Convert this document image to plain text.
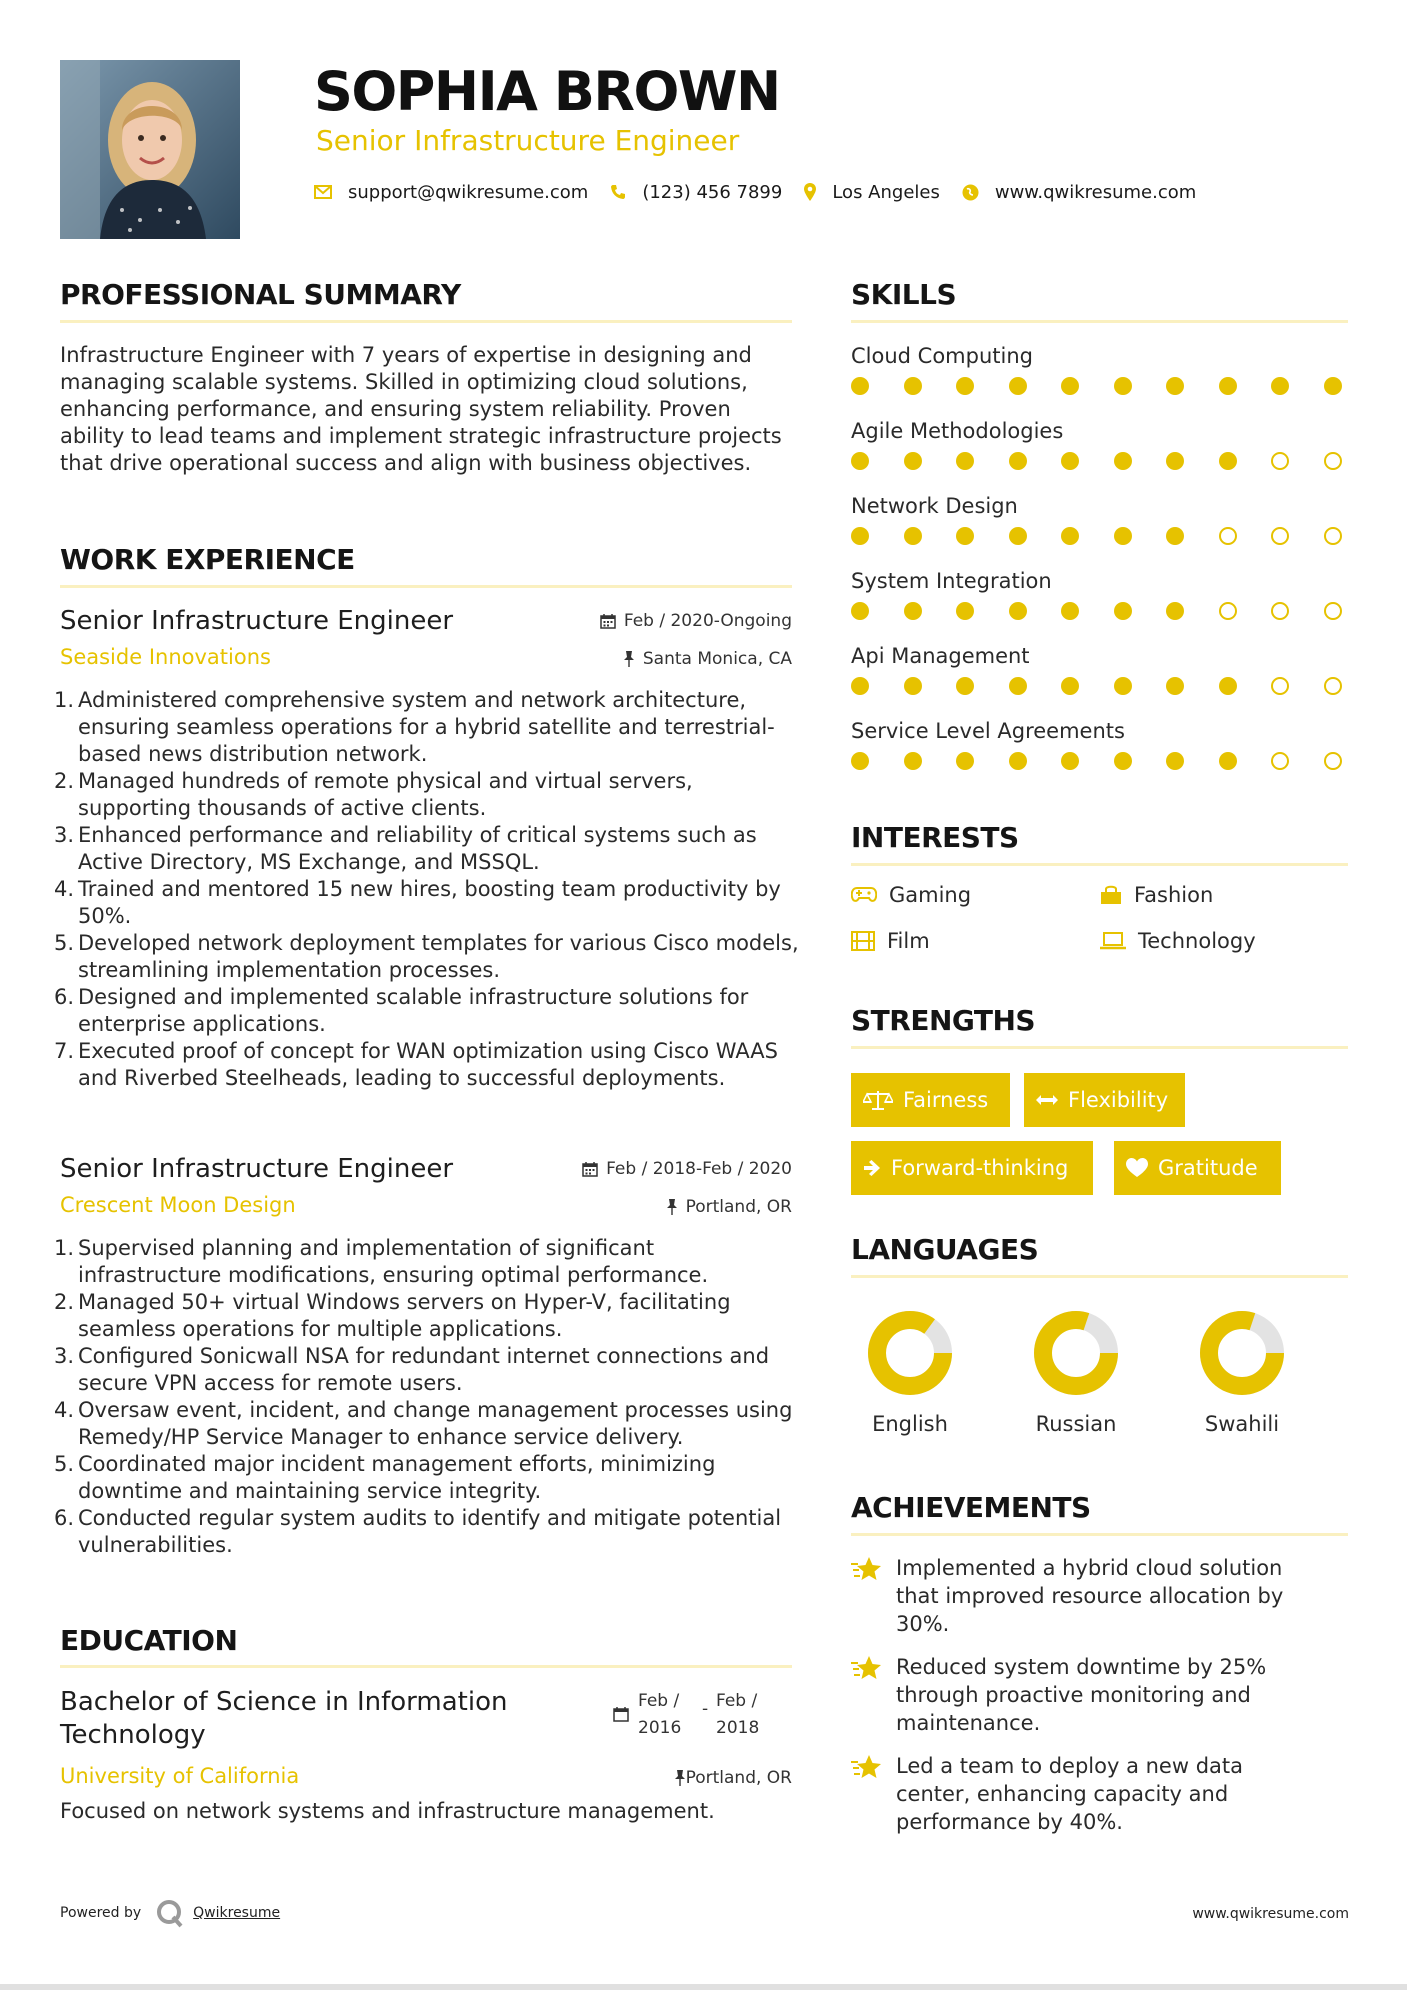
SOPHIA BROWN
Senior Infrastructure Engineer
support@qwikresume.com	(123) 456 7899	Los Angeles	www.qwikresume.com
PROFESSIONAL SUMMARY
Infrastructure Engineer with 7 years of expertise in designing and managing scalable systems. Skilled in optimizing cloud solutions, enhancing performance, and ensuring system reliability. Proven ability to lead teams and implement strategic infrastructure projects that drive operational success and align with business objectives.
WORK EXPERIENCE
Senior Infrastructure Engineer	Feb / 2020-Ongoing
Seaside Innovations	Santa Monica, CA
Administered comprehensive system and network architecture, ensuring seamless operations for a hybrid satellite and terrestrial-based news distribution network.
Managed hundreds of remote physical and virtual servers, supporting thousands of active clients.
Enhanced performance and reliability of critical systems such as Active Directory, MS Exchange, and MSSQL.
Trained and mentored 15 new hires, boosting team productivity by 50%.
Developed network deployment templates for various Cisco models, streamlining implementation processes.
Designed and implemented scalable infrastructure solutions for enterprise applications.
Executed proof of concept for WAN optimization using Cisco WAAS and Riverbed Steelheads, leading to successful deployments.
Senior Infrastructure Engineer	Feb / 2018-Feb / 2020
Crescent Moon Design	Portland, OR
Supervised planning and implementation of significant infrastructure modifications, ensuring optimal performance.
Managed 50+ virtual Windows servers on Hyper-V, facilitating seamless operations for multiple applications.
Configured Sonicwall NSA for redundant internet connections and secure VPN access for remote users.
Oversaw event, incident, and change management processes using Remedy/HP Service Manager to enhance service delivery.
Coordinated major incident management efforts, minimizing downtime and maintaining service integrity.
Conducted regular system audits to identify and mitigate potential vulnerabilities.
EDUCATION
Bachelor of Science in Information Technology
Feb /
2016
- Feb /
2018
University of California	Portland, OR
Focused on network systems and infrastructure management.
SKILLS
Cloud Computing
Agile Methodologies
Network Design
System Integration
Api Management
Service Level Agreements
INTERESTS
Gaming	Fashion
Film	Technology
STRENGTHS
Fairness	Flexibility
Forward-thinking	Gratitude
LANGUAGES
English	Russian	Swahili
ACHIEVEMENTS
Implemented a hybrid cloud solution that improved resource allocation by 30%.
Reduced system downtime by 25% through proactive monitoring and maintenance.
Led a team to deploy a new data center, enhancing capacity and performance by 40%.
Powered by	Qwikresume	www.qwikresume.com
